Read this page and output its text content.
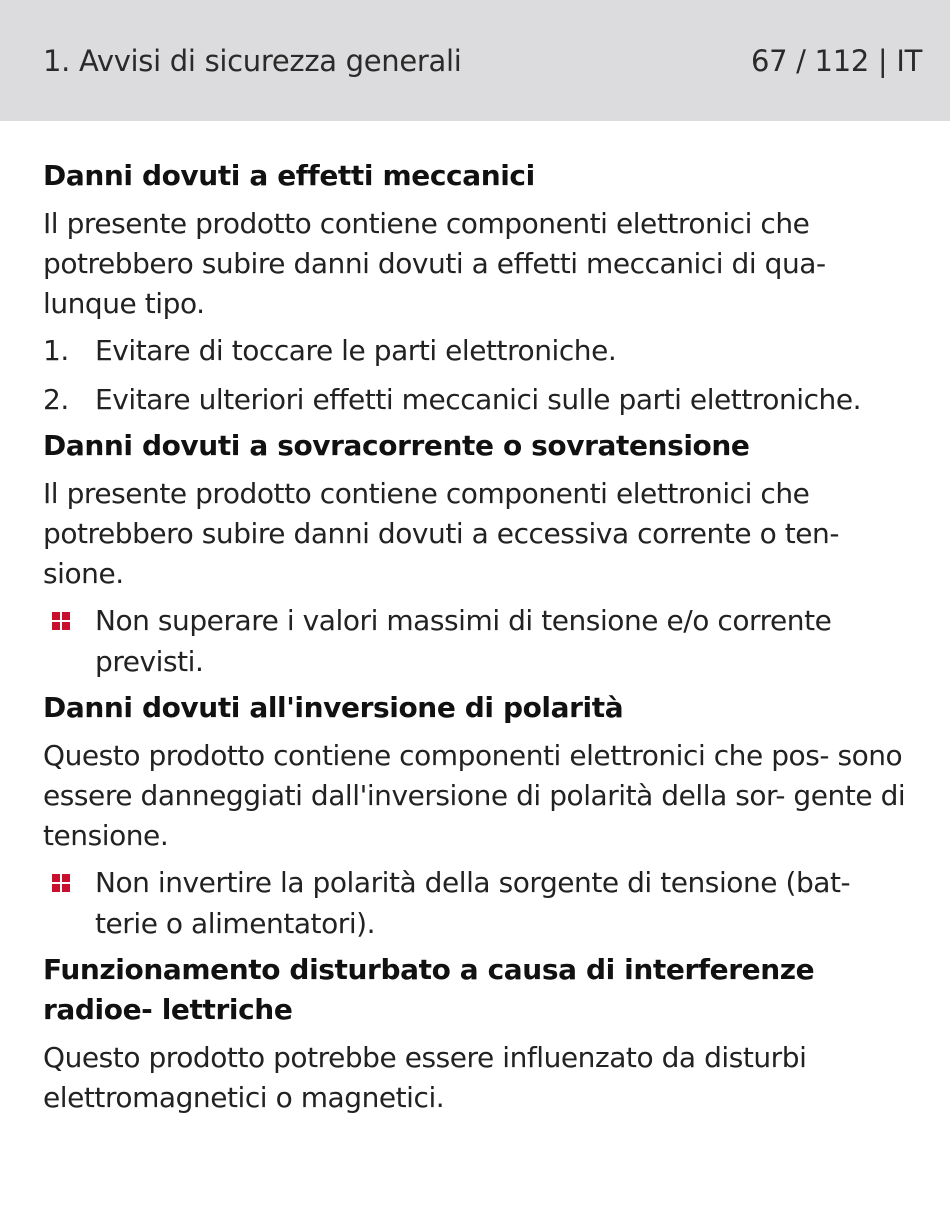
1. Avvisi di sicurezza generali	67 / 112 | IT

Danni dovuti a effetti meccanici

Il presente prodotto contiene componenti elettronici che potrebbero subire danni dovuti a effetti meccanici di qua- lunque tipo.

1. Evitare di toccare le parti elettroniche.
2. Evitare ulteriori effetti meccanici sulle parti elettroniche.

Danni dovuti a sovracorrente o sovratensione

Il presente prodotto contiene componenti elettronici che potrebbero subire danni dovuti a eccessiva corrente o ten- sione.

Non superare i valori massimi di tensione e/o corrente previsti.

Danni dovuti all'inversione di polarità

Questo prodotto contiene componenti elettronici che pos- sono essere danneggiati dall'inversione di polarità della sor- gente di tensione.

Non invertire la polarità della sorgente di tensione (bat- terie o alimentatori).

Funzionamento disturbato a causa di interferenze radioe- lettriche

Questo prodotto potrebbe essere influenzato da disturbi elettromagnetici o magnetici.
